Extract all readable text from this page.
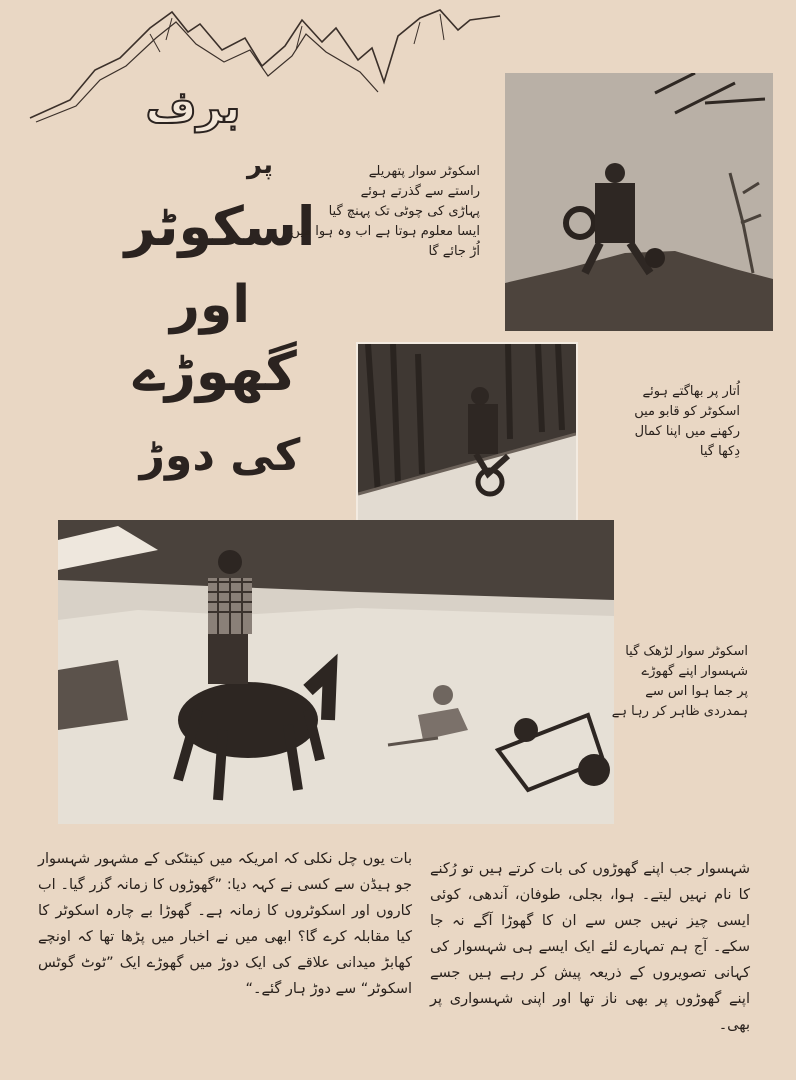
برف
پر
اسکوٹر
اور
گھوڑے
کی دوڑ
اسکوٹر سوار پتھریلے
راستے سے گذرتے ہوئے
پہاڑی کی چوٹی تک پہنچ گیا
ایسا معلوم ہوتا ہے اب وہ ہوا میں
اُڑ جائے گا
اُتار پر بھاگتے ہوئے
اسکوٹر کو قابو میں
رکھنے میں اپنا کمال
دِکھا گیا
اسکوٹر سوار لڑھک گیا
شہسوار اپنے گھوڑے
پر جما ہوا اس سے
ہمدردی ظاہر کر رہا ہے

شہسوار جب اپنے گھوڑوں کی بات کرتے ہیں تو رُکنے کا نام نہیں لیتے۔ ہوا، بجلی، طوفان، آندھی، کوئی ایسی چیز نہیں جس سے ان کا گھوڑا آگے نہ جا سکے۔ آج ہم تمہارے لئے ایک ایسے ہی شہسوار کی کہانی تصویروں کے ذریعہ پیش کر رہے ہیں جسے اپنے گھوڑوں پر بھی ناز تھا اور اپنی شہسواری پر بھی۔

بات یوں چل نکلی کہ امریکہ میں کینٹکی کے مشہور شہسوار جو ہیڈن سے کسی نے کہہ دیا: ”گھوڑوں کا زمانہ گزر گیا۔ اب کاروں اور اسکوٹروں کا زمانہ ہے۔ گھوڑا بے چارہ اسکوٹر کا کیا مقابلہ کرے گا؟ ابھی میں نے اخبار میں پڑھا تھا کہ اونچے کھابڑ میدانی علاقے کی ایک دوڑ میں گھوڑے ایک ”ٹوٹ گوٹس اسکوٹر“ سے دوڑ ہار گئے۔“
